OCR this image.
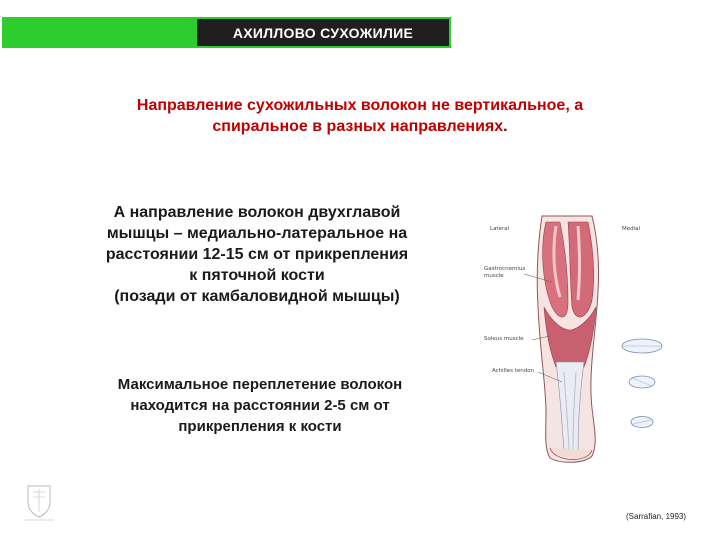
АХИЛЛОВО СУХОЖИЛИЕ
Направление сухожильных волокон не вертикальное, а
спиральное в разных направлениях.
А направление волокон двухглавой
мышцы – медиально-латеральное на
расстоянии 12-15 см от прикрепления
к пяточной кости
(позади от камбаловидной мышцы)
Максимальное переплетение волокон
находится на расстоянии 2-5 см от
прикрепления к кости
Lateral	Medial
Gastrocnemius
muscle
Soleus muscle
Achilles tendon
(Sarrafian, 1993)
